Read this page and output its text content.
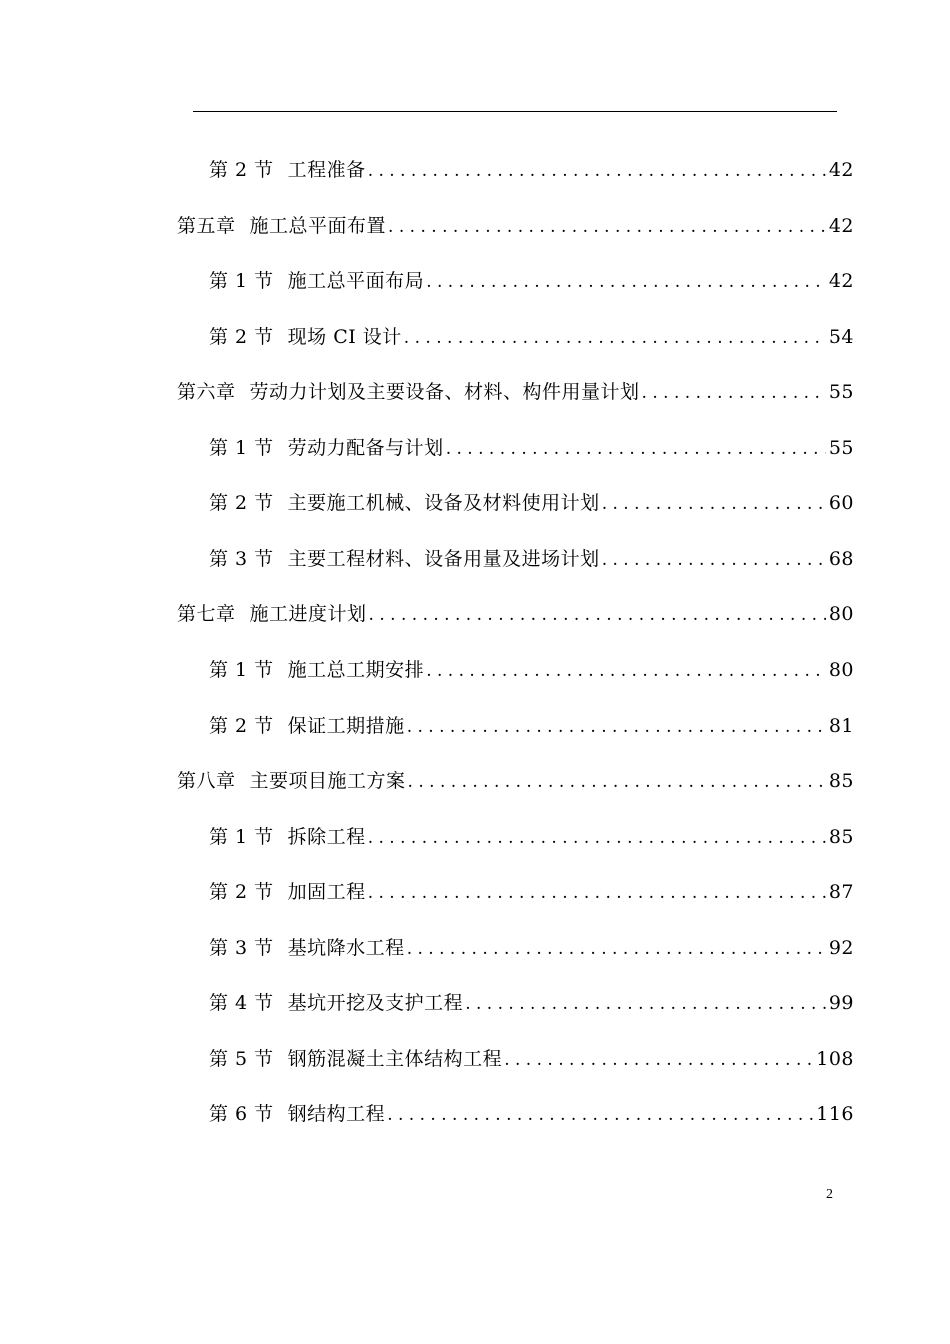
第 2 节 工程准备 . . .	42
第五章 施工总平面布置 . . .	42
第 1 节 施工总平面布局 . . .	42
第 2 节 现场 CI 设计 . . .	54
第六章 劳动力计划及主要设备、材料、构件用量计划 . . .	55
第 1 节 劳动力配备与计划 . . .	55
第 2 节 主要施工机械、设备及材料使用计划 . . .	60
第 3 节 主要工程材料、设备用量及进场计划 . . .	68
第七章 施工进度计划 . . .	80
第 1 节 施工总工期安排 . . .	80
第 2 节 保证工期措施 . . .	81
第八章 主要项目施工方案 . . .	85
第 1 节 拆除工程 . . .	85
第 2 节 加固工程 . . .	87
第 3 节 基坑降水工程 . . .	92
第 4 节 基坑开挖及支护工程 . . .	99
第 5 节 钢筋混凝土主体结构工程 . . .	108
第 6 节 钢结构工程 . . .	116
2
